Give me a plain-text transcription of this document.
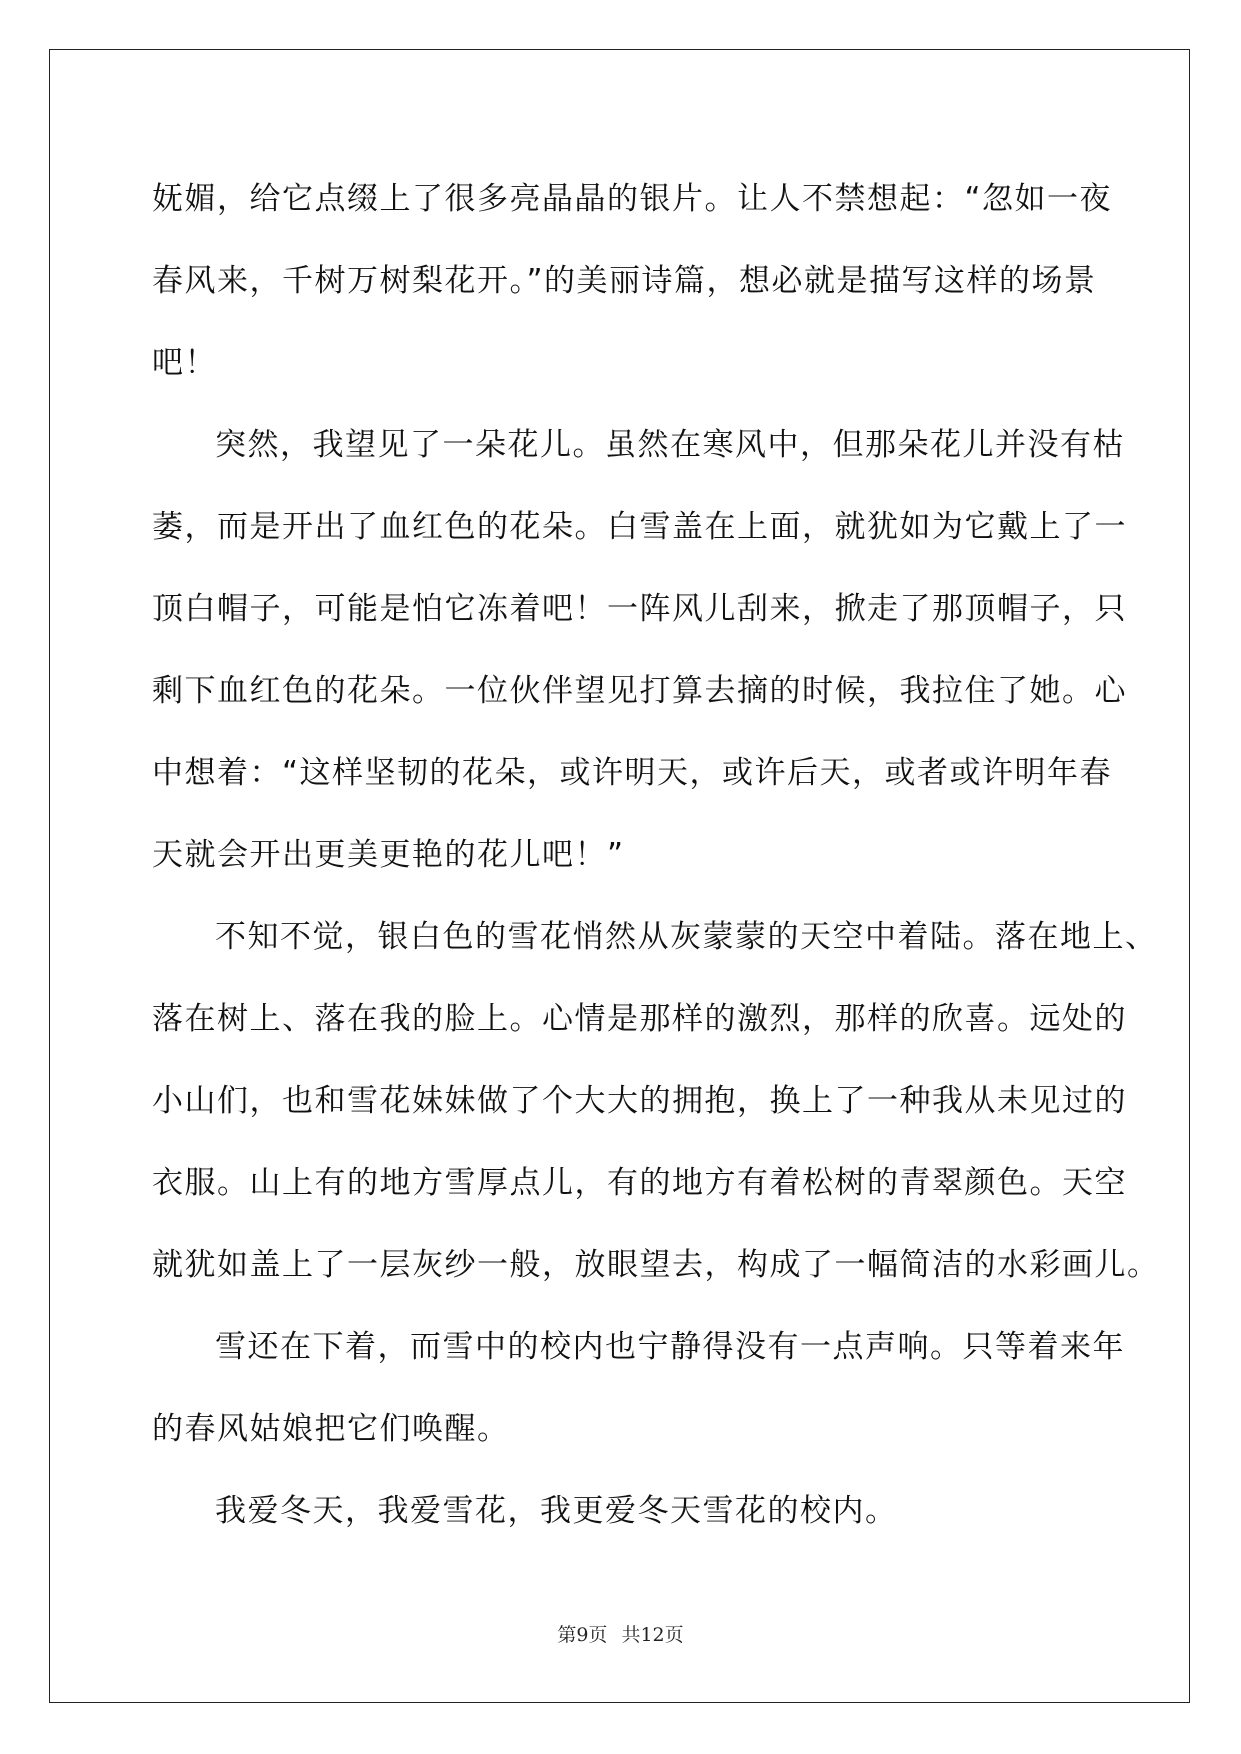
妩媚，给它点缀上了很多亮晶晶的银片。让人不禁想起：“忽如一夜
春风来，千树万树梨花开。”的美丽诗篇，想必就是描写这样的场景
吧！
突然，我望见了一朵花儿。虽然在寒风中，但那朵花儿并没有枯
萎，而是开出了血红色的花朵。白雪盖在上面，就犹如为它戴上了一
顶白帽子，可能是怕它冻着吧！一阵风儿刮来，掀走了那顶帽子，只
剩下血红色的花朵。一位伙伴望见打算去摘的时候，我拉住了她。心
中想着：“这样坚韧的花朵，或许明天，或许后天，或者或许明年春
天就会开出更美更艳的花儿吧！”
不知不觉，银白色的雪花悄然从灰蒙蒙的天空中着陆。落在地上、
落在树上、落在我的脸上。心情是那样的激烈，那样的欣喜。远处的
小山们，也和雪花妹妹做了个大大的拥抱，换上了一种我从未见过的
衣服。山上有的地方雪厚点儿，有的地方有着松树的青翠颜色。天空
就犹如盖上了一层灰纱一般，放眼望去，构成了一幅简洁的水彩画儿。
雪还在下着，而雪中的校内也宁静得没有一点声响。只等着来年
的春风姑娘把它们唤醒。
我爱冬天，我爱雪花，我更爱冬天雪花的校内。
第9页 共12页
